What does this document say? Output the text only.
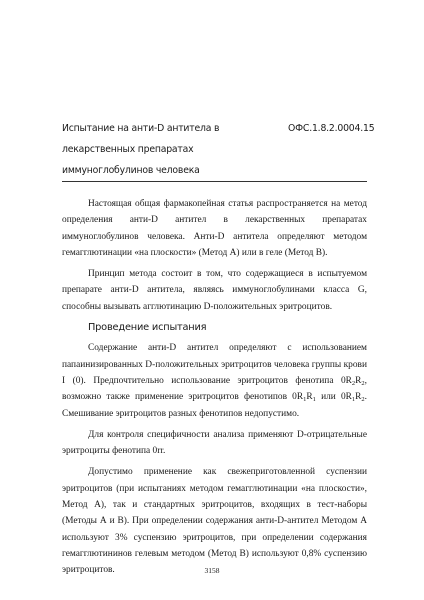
Испытание на анти-D антитела в
лекарственных препаратах
иммуноглобулинов человека
ОФС.1.8.2.0004.15

Настоящая общая фармакопейная статья распространяется на метод определения анти-D антител в лекарственных препаратах иммуноглобулинов человека. Анти-D антитела определяют методом гемагглютинации «на плоскости» (Метод А) или в геле (Метод В).

Принцип метода состоит в том, что содержащиеся в испытуемом препарате анти-D антитела, являясь иммуноглобулинами класса G, способны вызывать агглютинацию D-положительных эритроцитов.

Проведение испытания

Содержание анти-D антител определяют с использованием папаинизированных D-положительных эритроцитов человека группы крови I (0). Предпочтительно использование эритроцитов фенотипа $0R_2R_2$, возможно также применение эритроцитов фенотипов $0R_1R_1$ или $0R_1R_2$. Смешивание эритроцитов разных фенотипов недопустимо.

Для контроля специфичности анализа применяют D-отрицательные эритроциты фенотипа 0rr.

Допустимо применение как свежеприготовленной суспензии эритроцитов (при испытаниях методом гемагглютинации «на плоскости», Метод А), так и стандартных эритроцитов, входящих в тест-наборы (Методы А и В). При определении содержания анти-D-антител Методом А используют 3% суспензию эритроцитов, при определении содержания гемагглютининов гелевым методом (Метод В) используют 0,8% суспензию эритроцитов.	3158
